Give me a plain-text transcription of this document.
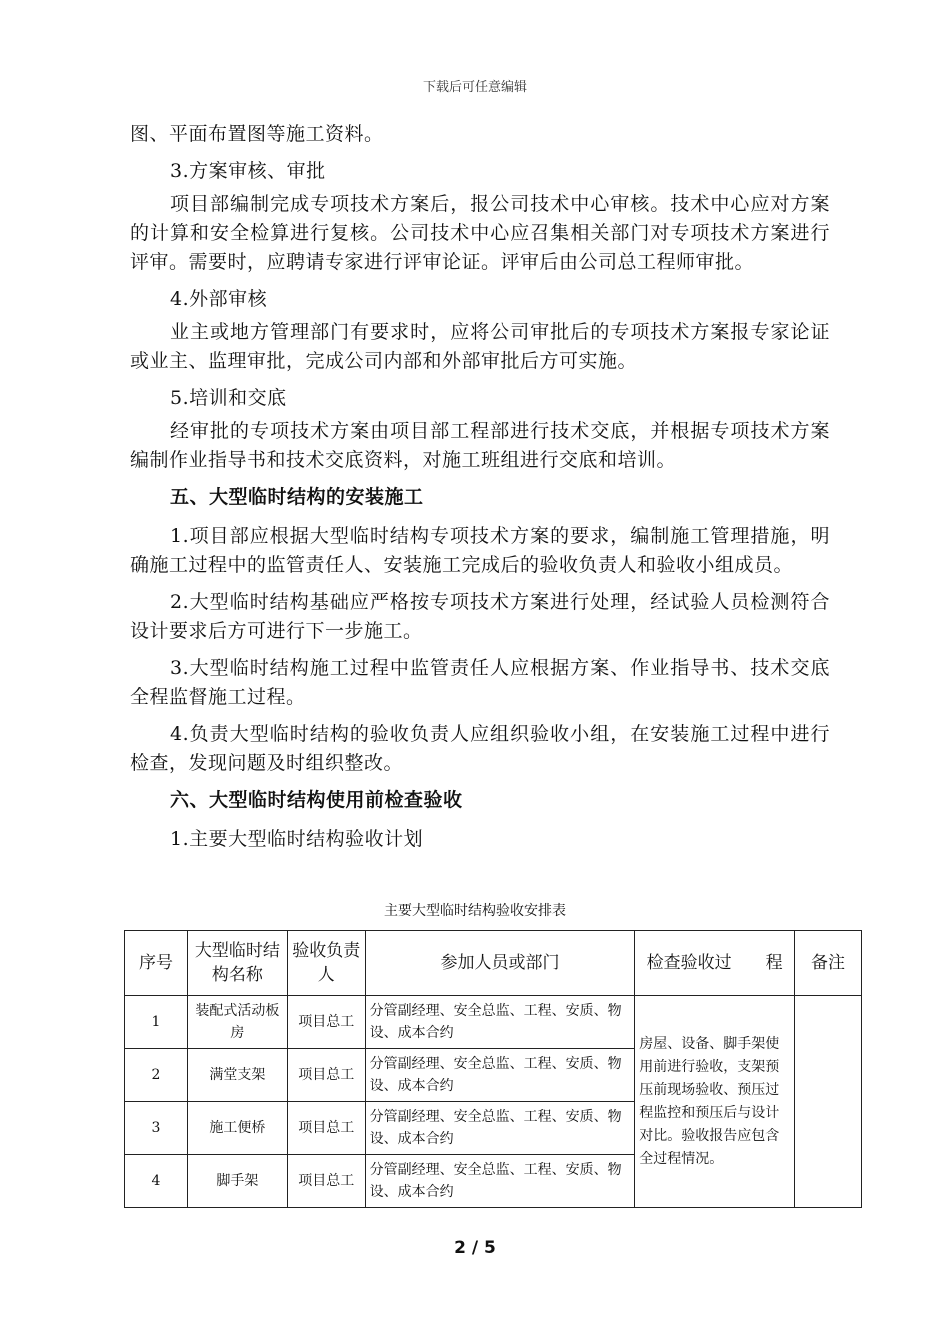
下载后可任意编辑

图、平面布置图等施工资料。

3.方案审核、审批

项目部编制完成专项技术方案后，报公司技术中心审核。技术中心应对方案的计算和安全检算进行复核。公司技术中心应召集相关部门对专项技术方案进行评审。需要时，应聘请专家进行评审论证。评审后由公司总工程师审批。

4.外部审核

业主或地方管理部门有要求时，应将公司审批后的专项技术方案报专家论证或业主、监理审批，完成公司内部和外部审批后方可实施。

5.培训和交底

经审批的专项技术方案由项目部工程部进行技术交底，并根据专项技术方案编制作业指导书和技术交底资料，对施工班组进行交底和培训。

五、大型临时结构的安装施工

1.项目部应根据大型临时结构专项技术方案的要求，编制施工管理措施，明确施工过程中的监管责任人、安装施工完成后的验收负责人和验收小组成员。

2.大型临时结构基础应严格按专项技术方案进行处理，经试验人员检测符合设计要求后方可进行下一步施工。

3.大型临时结构施工过程中监管责任人应根据方案、作业指导书、技术交底全程监督施工过程。

4.负责大型临时结构的验收负责人应组织验收小组，在安装施工过程中进行检查，发现问题及时组织整改。

六、大型临时结构使用前检查验收

1.主要大型临时结构验收计划

主要大型临时结构验收安排表
序号	大型临时结构名称	验收负责人	参加人员或部门	检查验收过　　程	备注
1	装配式活动板房	项目总工	分管副经理、安全总监、工程、安质、物设、成本合约	房屋、设备、脚手架使用前进行验收，支架预压前现场验收、预压过程监控和预压后与设计对比。验收报告应包含全过程情况。	
2	满堂支架	项目总工	分管副经理、安全总监、工程、安质、物设、成本合约		
3	施工便桥	项目总工	分管副经理、安全总监、工程、安质、物设、成本合约		
4	脚手架	项目总工	分管副经理、安全总监、工程、安质、物设、成本合约		
2 / 5
